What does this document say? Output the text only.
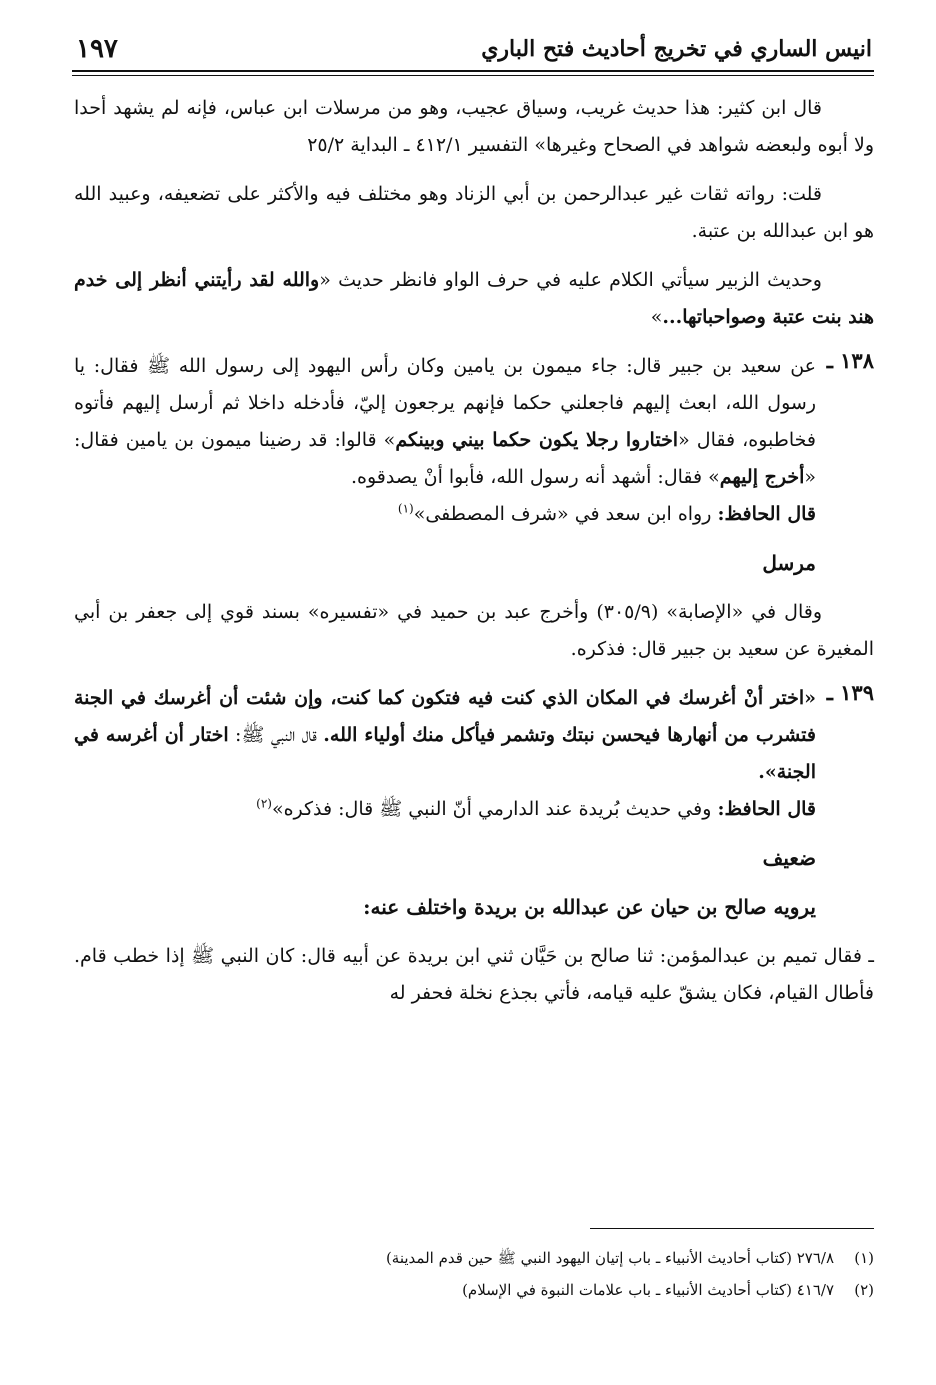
انيس الساري في تخريج أحاديث فتح الباري
١٩٧

قال ابن كثير: هذا حديث غريب، وسياق عجيب، وهو من مرسلات ابن عباس، فإنه لم يشهد أحدا ولا أبوه ولبعضه شواهد في الصحاح وغيرها» التفسير ٤١٢/١ ـ البداية ٢٥/٢

قلت: رواته ثقات غير عبدالرحمن بن أبي الزناد وهو مختلف فيه والأكثر على تضعيفه، وعبيد الله هو ابن عبدالله بن عتبة.

وحديث الزبير سيأتي الكلام عليه في حرف الواو فانظر حديث «والله لقد رأيتني أنظر إلى خدم هند بنت عتبة وصواحباتها...»

١٣٨ ـ

عن سعيد بن جبير قال: جاء ميمون بن يامين وكان رأس اليهود إلى رسول الله ﷺ فقال: يا رسول الله، ابعث إليهم فاجعلني حكما فإنهم يرجعون إليّ، فأدخله داخلا ثم أرسل إليهم فأتوه فخاطبوه، فقال «اختاروا رجلا يكون حكما بيني وبينكم» قالوا: قد رضينا ميمون بن يامين فقال: «أخرج إليهم» فقال: أشهد أنه رسول الله، فأبوا أنْ يصدقوه.

قال الحافظ: رواه ابن سعد في «شرف المصطفى»$^{(١)}$

مرسل

وقال في «الإصابة» (٣٠٥/٩) وأخرج عبد بن حميد في «تفسيره» بسند قوي إلى جعفر بن أبي المغيرة عن سعيد بن جبير قال: فذكره.

١٣٩ ـ

«اختر أنْ أغرسك في المكان الذي كنت فيه فتكون كما كنت، وإن شئت أن أغرسك في الجنة فتشرب من أنهارها فيحسن نبتك وتشمر فيأكل منك أولياء الله. قال النبي ﷺ: اختار أن أغرسه في الجنة».

قال الحافظ: وفي حديث بُريدة عند الدارمي أنّ النبي ﷺ قال: فذكره»$^{(٢)}$

ضعيف

يرويه صالح بن حيان عن عبدالله بن بريدة واختلف عنه:

ـ فقال تميم بن عبدالمؤمن: ثنا صالح بن حَيَّان ثني ابن بريدة عن أبيه قال: كان النبي ﷺ إذا خطب قام. فأطال القيام، فكان يشقّ عليه قيامه، فأتي بجذع نخلة فحفر له

(١)٢٧٦/٨ (كتاب أحاديث الأنبياء ـ باب إتيان اليهود النبي ﷺ حين قدم المدينة)
(٢)٤١٦/٧ (كتاب أحاديث الأنبياء ـ باب علامات النبوة في الإسلام)
